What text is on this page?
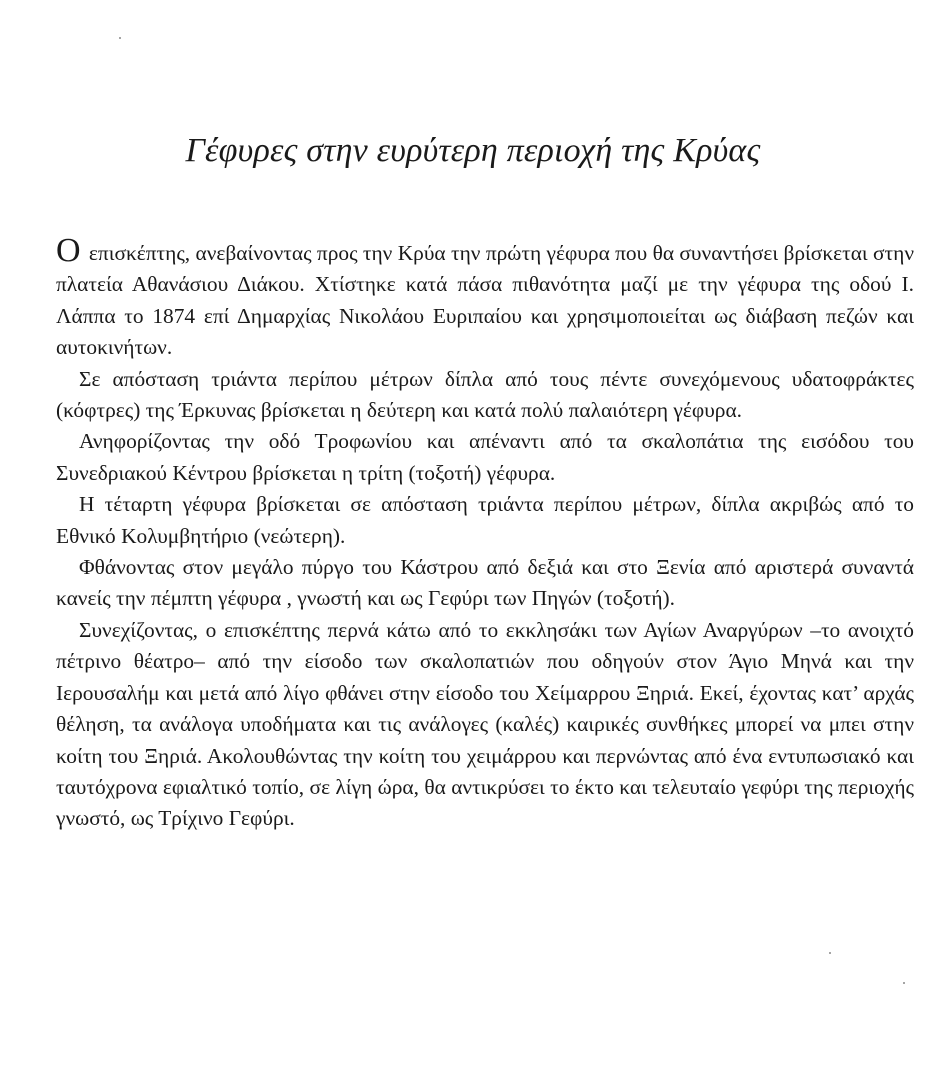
Γέφυρες στην ευρύτερη περιοχή της Κρύας

Ο επισκέπτης, ανεβαίνοντας προς την Κρύα την πρώτη γέφυρα που θα συναντήσει βρίσκεται στην πλατεία Αθανάσιου Διάκου. Χτίστηκε κατά πάσα πιθανότητα μαζί με την γέφυρα της οδού Ι. Λάππα το 1874 επί Δημαρχίας Νικολάου Ευριπαίου και χρησιμοποιείται ως διάβαση πεζών και αυτοκινήτων.

Σε απόσταση τριάντα περίπου μέτρων δίπλα από τους πέντε συνεχόμενους υδατοφράκτες (κόφτρες) της Έρκυνας βρίσκεται η δεύτερη και κατά πολύ παλαιότερη γέφυρα.

Ανηφορίζοντας την οδό Τροφωνίου και απέναντι από τα σκαλοπάτια της εισόδου του Συνεδριακού Κέντρου βρίσκεται η τρίτη (τοξοτή) γέφυρα.

Η τέταρτη γέφυρα βρίσκεται σε απόσταση τριάντα περίπου μέτρων, δίπλα ακριβώς από το Εθνικό Κολυμβητήριο (νεώτερη).

Φθάνοντας στον μεγάλο πύργο του Κάστρου από δεξιά και στο Ξενία από αριστερά συναντά κανείς την πέμπτη γέφυρα , γνωστή και ως Γεφύρι των Πηγών (τοξοτή).

Συνεχίζοντας, ο επισκέπτης περνά κάτω από το εκκλησάκι των Αγίων Αναργύρων –το ανοιχτό πέτρινο θέατρο– από την είσοδο των σκαλοπατιών που οδηγούν στον Άγιο Μηνά και την Ιερουσαλήμ και μετά από λίγο φθάνει στην είσοδο του Χείμαρρου Ξηριά. Εκεί, έχοντας κατ’ αρχάς θέληση, τα ανάλογα υποδήματα και τις ανάλογες (καλές) καιρικές συνθήκες μπορεί να μπει στην κοίτη του Ξηριά. Ακολουθώντας την κοίτη του χειμάρρου και περνώντας από ένα εντυπωσιακό και ταυτόχρονα εφιαλτικό τοπίο, σε λίγη ώρα, θα αντικρύσει το έκτο και τελευταίο γεφύρι της περιοχής γνωστό, ως Τρίχινο Γεφύρι.
